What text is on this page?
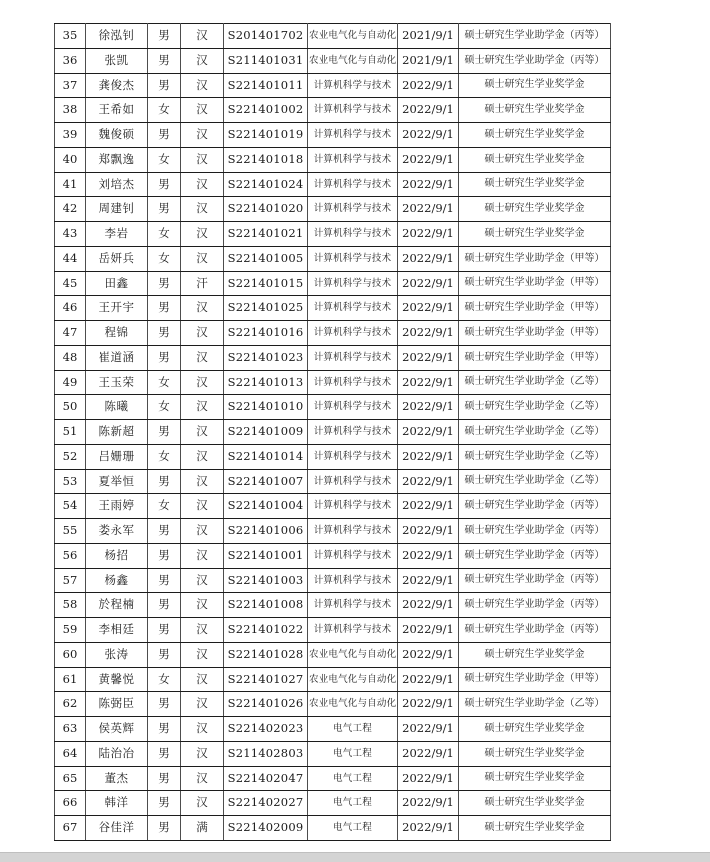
35	徐泓钊	男	汉	S201401702	农业电气化与自动化	2021/9/1	硕士研究生学业助学金（丙等）
36	张凯	男	汉	S211401031	农业电气化与自动化	2021/9/1	硕士研究生学业助学金（丙等）
37	龚俊杰	男	汉	S221401011	计算机科学与技术	2022/9/1	硕士研究生学业奖学金
38	王希如	女	汉	S221401002	计算机科学与技术	2022/9/1	硕士研究生学业奖学金
39	魏俊硕	男	汉	S221401019	计算机科学与技术	2022/9/1	硕士研究生学业奖学金
40	郑飘逸	女	汉	S221401018	计算机科学与技术	2022/9/1	硕士研究生学业奖学金
41	刘培杰	男	汉	S221401024	计算机科学与技术	2022/9/1	硕士研究生学业奖学金
42	周建钊	男	汉	S221401020	计算机科学与技术	2022/9/1	硕士研究生学业奖学金
43	李岩	女	汉	S221401021	计算机科学与技术	2022/9/1	硕士研究生学业奖学金
44	岳妍兵	女	汉	S221401005	计算机科学与技术	2022/9/1	硕士研究生学业助学金（甲等）
45	田鑫	男	汗	S221401015	计算机科学与技术	2022/9/1	硕士研究生学业助学金（甲等）
46	王开宇	男	汉	S221401025	计算机科学与技术	2022/9/1	硕士研究生学业助学金（甲等）
47	程锦	男	汉	S221401016	计算机科学与技术	2022/9/1	硕士研究生学业助学金（甲等）
48	崔道涵	男	汉	S221401023	计算机科学与技术	2022/9/1	硕士研究生学业助学金（甲等）
49	王玉荣	女	汉	S221401013	计算机科学与技术	2022/9/1	硕士研究生学业助学金（乙等）
50	陈曦	女	汉	S221401010	计算机科学与技术	2022/9/1	硕士研究生学业助学金（乙等）
51	陈新超	男	汉	S221401009	计算机科学与技术	2022/9/1	硕士研究生学业助学金（乙等）
52	吕姗珊	女	汉	S221401014	计算机科学与技术	2022/9/1	硕士研究生学业助学金（乙等）
53	夏举恒	男	汉	S221401007	计算机科学与技术	2022/9/1	硕士研究生学业助学金（乙等）
54	王雨婷	女	汉	S221401004	计算机科学与技术	2022/9/1	硕士研究生学业助学金（丙等）
55	娄永军	男	汉	S221401006	计算机科学与技术	2022/9/1	硕士研究生学业助学金（丙等）
56	杨招	男	汉	S221401001	计算机科学与技术	2022/9/1	硕士研究生学业助学金（丙等）
57	杨鑫	男	汉	S221401003	计算机科学与技术	2022/9/1	硕士研究生学业助学金（丙等）
58	於程楠	男	汉	S221401008	计算机科学与技术	2022/9/1	硕士研究生学业助学金（丙等）
59	李相廷	男	汉	S221401022	计算机科学与技术	2022/9/1	硕士研究生学业助学金（丙等）
60	张涛	男	汉	S221401028	农业电气化与自动化	2022/9/1	硕士研究生学业奖学金
61	黄馨悦	女	汉	S221401027	农业电气化与自动化	2022/9/1	硕士研究生学业助学金（甲等）
62	陈弼臣	男	汉	S221401026	农业电气化与自动化	2022/9/1	硕士研究生学业助学金（乙等）
63	侯英辉	男	汉	S221402023	电气工程	2022/9/1	硕士研究生学业奖学金
64	陆治冶	男	汉	S211402803	电气工程	2022/9/1	硕士研究生学业奖学金
65	董杰	男	汉	S221402047	电气工程	2022/9/1	硕士研究生学业奖学金
66	韩洋	男	汉	S221402027	电气工程	2022/9/1	硕士研究生学业奖学金
67	谷佳洋	男	满	S221402009	电气工程	2022/9/1	硕士研究生学业奖学金
